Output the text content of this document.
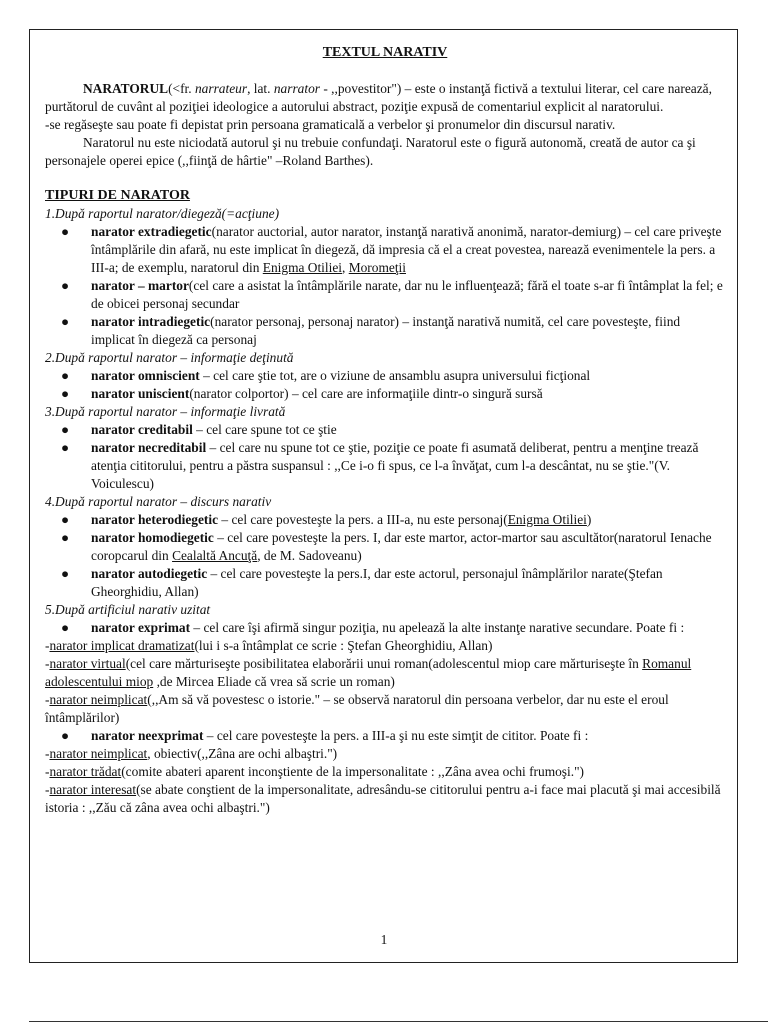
TEXTUL NARATIV

NARATORUL(<fr. narrateur, lat. narrator - ,,povestitor") – este o instanţă fictivă a textului literar, cel care narează, purtătorul de cuvânt al poziţiei ideologice a autorului abstract, poziţie expusă de comentariul explicit al naratorului.

-se regăseşte sau poate fi depistat prin persoana gramaticală a verbelor şi pronumelor din discursul narativ.

Naratorul nu este niciodată autorul şi nu trebuie confundaţi. Naratorul este o figură autonomă, creată de autor ca şi personajele operei epice (,,fiinţă de hârtie" –Roland Barthes).

TIPURI DE NARATOR

1.După raportul narator/diegeză(=acţiune)

● narator extradiegetic(narator auctorial, autor narator, instanţă narativă anonimă, narator-demiurg) – cel care priveşte întâmplările din afară, nu este implicat în diegeză, dă impresia că el a creat povestea, narează evenimentele la pers. a III-a; de exemplu, naratorul din Enigma Otiliei, Moromeţii
● narator – martor(cel care a asistat la întâmplările narate, dar nu le influenţează; fără el toate s-ar fi întâmplat la fel; e de obicei personaj secundar
● narator intradiegetic(narator personaj, personaj narator) – instanţă narativă numită, cel care povesteşte, fiind implicat în diegeză ca personaj

2.După raportul narator – informaţie deţinută

● narator omniscient – cel care ştie tot, are o viziune de ansamblu asupra universului ficţional
● narator uniscient(narator colportor) – cel care are informaţiile dintr-o singură sursă

3.După raportul narator – informaţie livrată

● narator creditabil – cel care spune tot ce ştie
● narator necreditabil – cel care nu spune tot ce ştie, poziţie ce poate fi asumată deliberat, pentru a menţine trează atenţia cititorului, pentru a păstra suspansul : ,,Ce i-o fi spus, ce l-a învăţat, cum l-a descântat, nu se ştie."(V. Voiculescu)

4.După raportul narator – discurs narativ

● narator heterodiegetic – cel care povesteşte la pers. a III-a, nu este personaj(Enigma Otiliei)
● narator homodiegetic – cel care povesteşte la pers. I, dar este martor, actor-martor sau ascultător(naratorul Ienache coropcarul din Cealaltă Ancuţă, de M. Sadoveanu)
● narator autodiegetic – cel care povesteşte la pers.I, dar este actorul, personajul înâmplărilor narate(Ştefan Gheorghidiu, Allan)

5.După artificiul narativ uzitat

● narator exprimat – cel care îşi afirmă singur poziţia, nu apelează la alte instanţe narative secundare. Poate fi :

-narator implicat dramatizat(lui i s-a întâmplat ce scrie : Ştefan Gheorghidiu, Allan)

-narator virtual(cel care mărturiseşte posibilitatea elaborării unui roman(adolescentul miop care mărturiseşte în Romanul adolescentului miop ,de Mircea Eliade că vrea să scrie un roman)

-narator neimplicat(,,Am să vă povestesc o istorie." – se observă naratorul din persoana verbelor, dar nu este el eroul întâmplărilor)

● narator neexprimat – cel care povesteşte la pers. a III-a şi nu este simţit de cititor. Poate fi :

-narator neimplicat, obiectiv(,,Zâna are ochi albaştri.")

-narator trădat(comite abateri aparent inconştiente de la impersonalitate : ,,Zâna avea ochi frumoşi.")

-narator interesat(se abate conştient de la impersonalitate, adresându-se cititorului pentru a-i face mai placută şi mai accesibilă istoria : ,,Zău că zâna avea ochi albaştri.")

1
